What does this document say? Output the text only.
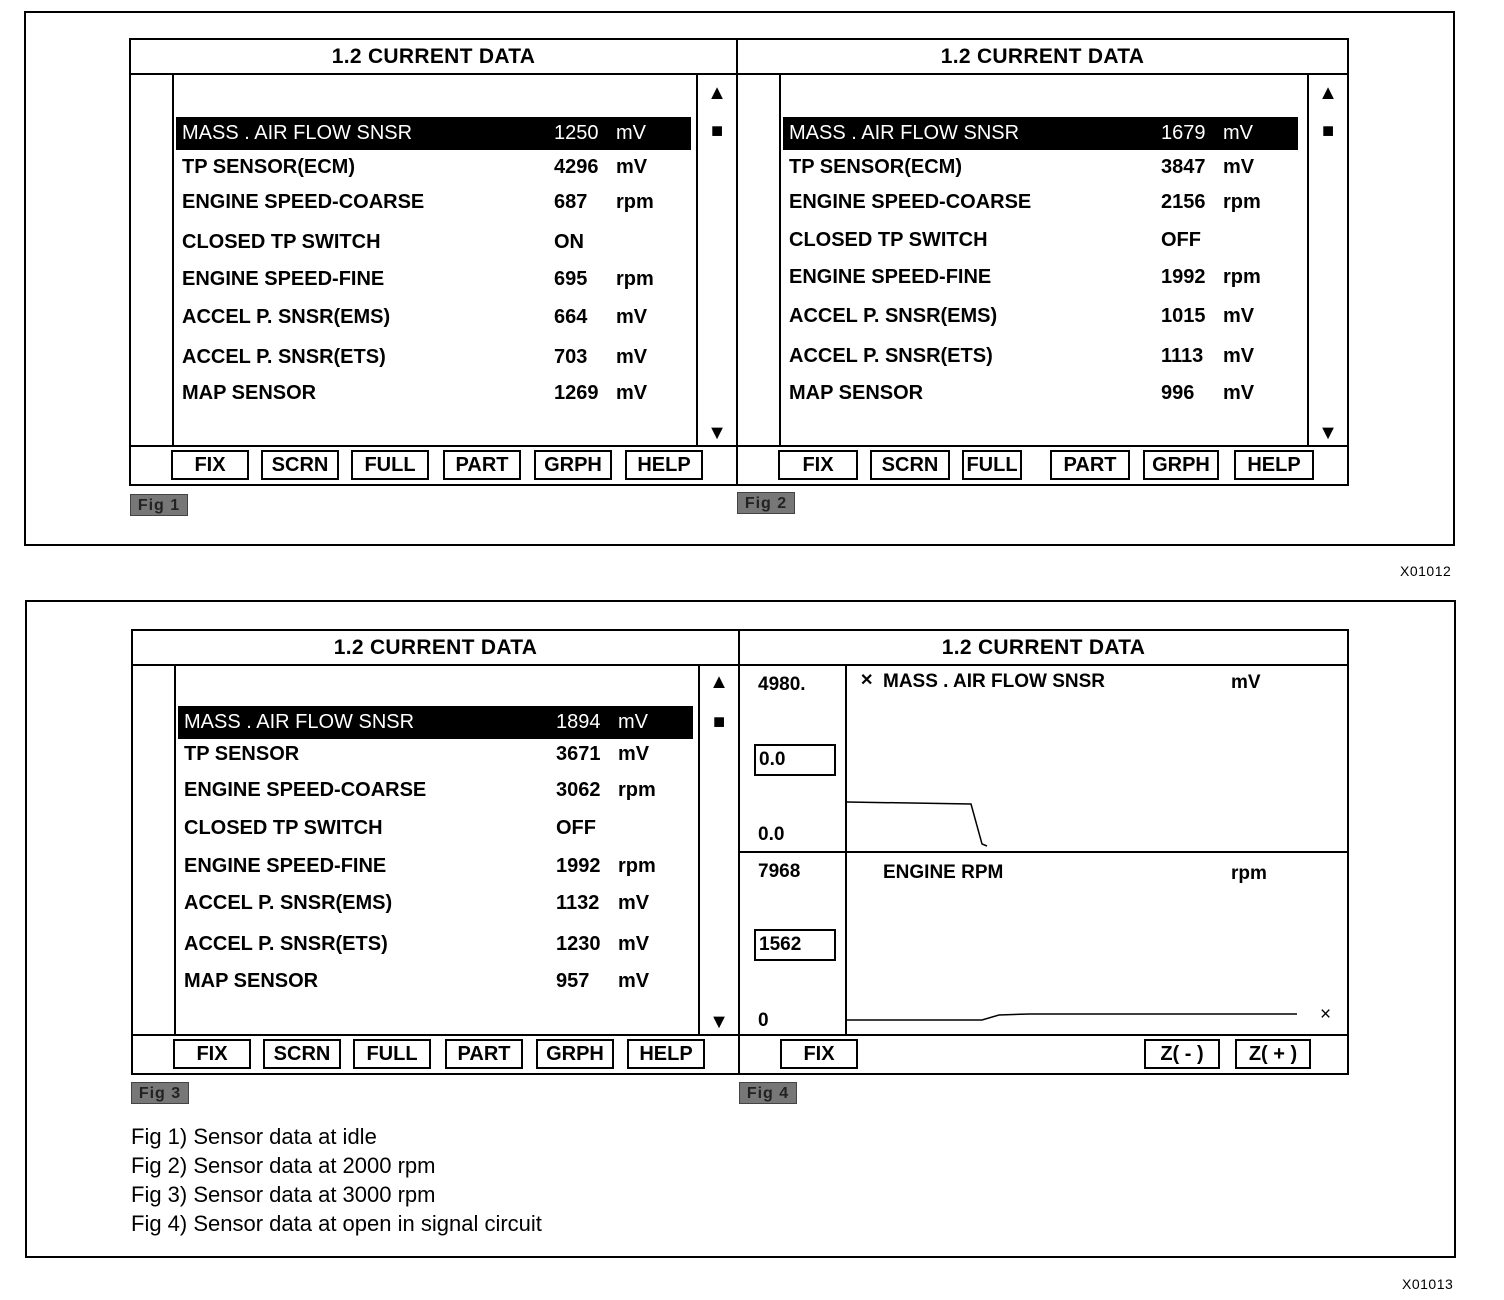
1.2 CURRENT DATA
MASS . AIR FLOW SNSR	1250 mV
TP SENSOR(ECM)	4296 mV
ENGINE SPEED-COARSE	687 rpm
CLOSED TP SWITCH	ON
ENGINE SPEED-FINE	695 rpm
ACCEL P. SNSR(EMS)	664 mV
ACCEL P. SNSR(ETS)	703 mV
MAP SENSOR	1269 mV
▲
■
▼
FIX	SCRN	FULL	PART	GRPH	HELP
Fig 1
1.2 CURRENT DATA
MASS . AIR FLOW SNSR	1679 mV
TP SENSOR(ECM)	3847 mV
ENGINE SPEED-COARSE	2156 rpm
CLOSED TP SWITCH	OFF
ENGINE SPEED-FINE	1992 rpm
ACCEL P. SNSR(EMS)	1015 mV
ACCEL P. SNSR(ETS)	1113 mV
MAP SENSOR	996 mV
▲
■
▼
FIX	SCRN	FULL	PART	GRPH	HELP
Fig 2
X01012
1.2 CURRENT DATA
MASS . AIR FLOW SNSR	1894 mV
TP SENSOR	3671 mV
ENGINE SPEED-COARSE	3062 rpm
CLOSED TP SWITCH	OFF
ENGINE SPEED-FINE	1992 rpm
ACCEL P. SNSR(EMS)	1132 mV
ACCEL P. SNSR(ETS)	1230 mV
MAP SENSOR	957 mV
▲
■
▼
FIX	SCRN	FULL	PART	GRPH	HELP
Fig 3
1.2 CURRENT DATA
4980.
0.0
0.0
✕ MASS . AIR FLOW SNSR	mV
7968
1562
0
ENGINE RPM	rpm
×
FIX	Z( - )	Z( + )
Fig 4
Fig 1) Sensor data at idle
Fig 2) Sensor data at 2000 rpm
Fig 3) Sensor data at 3000 rpm
Fig 4) Sensor data at open in signal circuit
X01013
